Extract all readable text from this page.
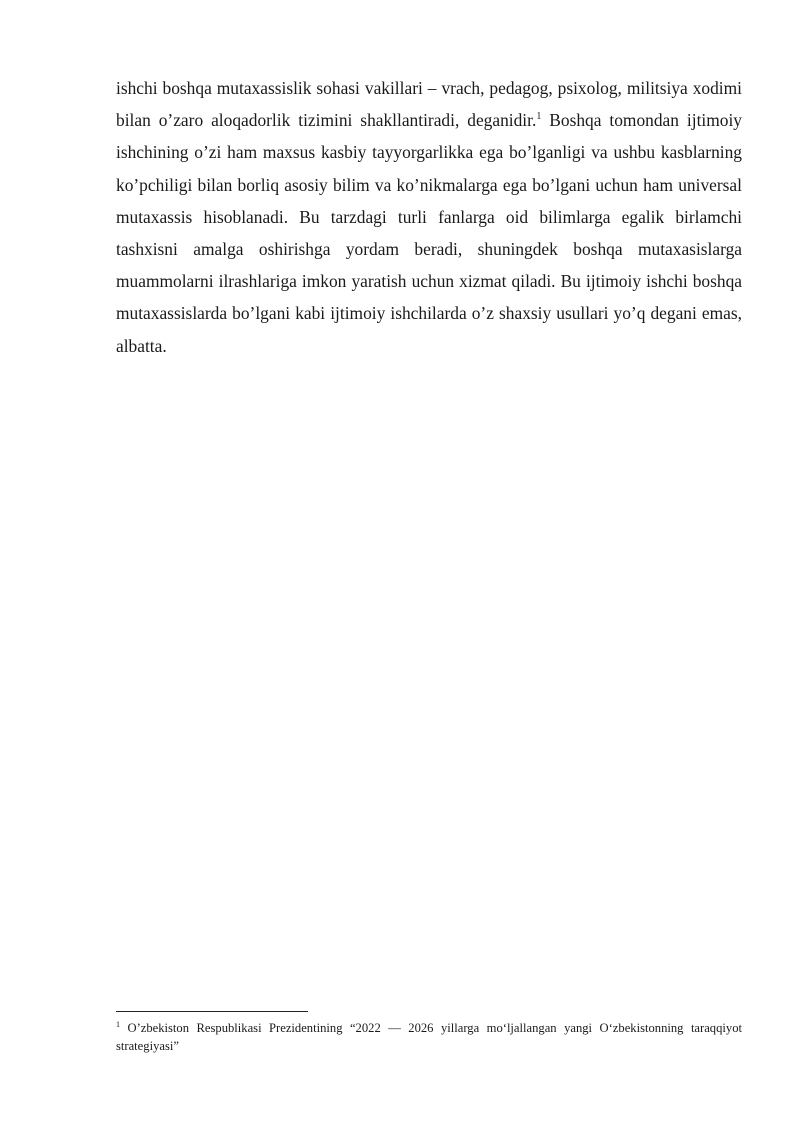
ishchi boshqa mutaxassislik sohasi vakillari – vrach, pedagog, psixolog, militsiya xodimi bilan o’zaro aloqadorlik tizimini shakllantiradi, deganidir.$^1$ Boshqa tomondan ijtimoiy ishchining o’zi ham maxsus kasbiy tayyorgarlikka ega bo’lganligi va ushbu kasblarning ko’pchiligi bilan borliq asosiy bilim va ko’nikmalarga ega bo’lgani uchun ham universal mutaxassis hisoblanadi. Bu tarzdagi turli fanlarga oid bilimlarga egalik birlamchi tashxisni amalga oshirishga yordam beradi, shuningdek boshqa mutaxasislarga muammolarni ilrashlariga imkon yaratish uchun xizmat qiladi. Bu ijtimoiy ishchi boshqa mutaxassislarda bo’lgani kabi ijtimoiy ishchilarda o’z shaxsiy usullari yo’q degani emas, albatta.

$^1$ O’zbekiston Respublikasi Prezidentining “2022 — 2026 yillarga mo‘ljallangan yangi O‘zbekistonning taraqqiyot strategiyasi”
